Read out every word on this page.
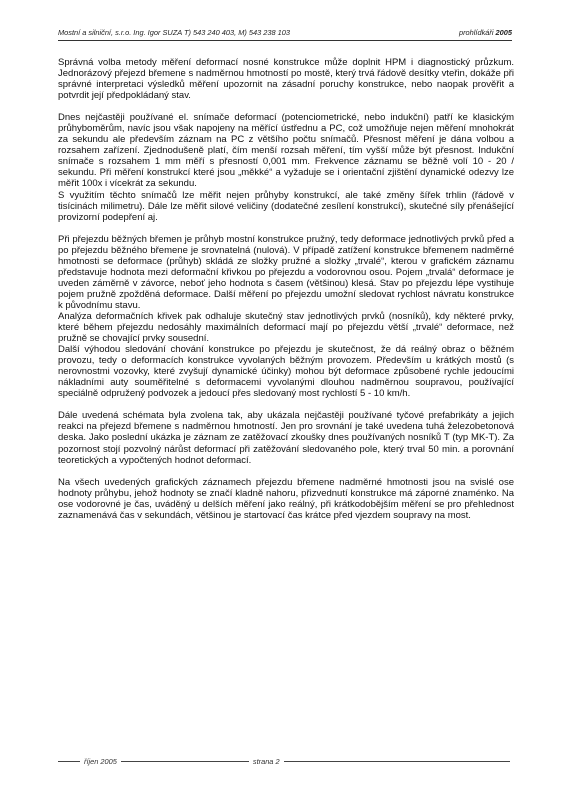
Mostní a silniční, s.r.o. Ing. Igor SUZA T) 543 240 403, M) 543 238 103	prohlídkáři 2005

Správná volba metody měření deformací nosné konstrukce může doplnit HPM i diagnostický průzkum. Jednorázový přejezd břemene s nadměrnou hmotností po mostě, který trvá řádově desítky vteřin, dokáže při správné interpretaci výsledků měření upozornit na zásadní poruchy konstrukce, nebo naopak prověřit a potvrdit její předpokládaný stav.

Dnes nejčastěji používané el. snímače deformací (potenciometrické, nebo indukční) patří ke klasickým průhyboměrům, navíc jsou však napojeny na měřící ústřednu a PC, což umožňuje nejen měření mnohokrát za sekundu ale především záznam na PC z většího počtu snímačů. Přesnost měření je dána volbou a rozsahem zařízení. Zjednodušeně platí, čím menší rozsah měření, tím vyšší může být přesnost. Indukční snímače s rozsahem 1 mm měří s přesností 0,001 mm. Frekvence záznamu se běžně volí 10 - 20 / sekundu. Při měření konstrukcí které jsou „měkké“ a vyžaduje se i orientační zjištění dynamické odezvy lze měřit 100x i vícekrát za sekundu.

S využitím těchto snímačů lze měřit nejen průhyby konstrukcí, ale také změny šířek trhlin (řádově v tisícinách milimetru). Dále lze měřit silové veličiny (dodatečné zesílení konstrukcí), skutečné síly přenášející provizorní podepření aj.

Při přejezdu běžných břemen je průhyb mostní konstrukce pružný, tedy deformace jednotlivých prvků před a po přejezdu běžného břemene je srovnatelná (nulová). V případě zatížení konstrukce břemenem nadměrné hmotnosti se deformace (průhyb) skládá ze složky pružné a složky „trvalé“, kterou v grafickém záznamu představuje hodnota mezi deformační křivkou po přejezdu a vodorovnou osou. Pojem „trvalá“ deformace je uveden záměrně v závorce, neboť jeho hodnota s časem (většinou) klesá. Stav po přejezdu lépe vystihuje pojem pružně zpožděná deformace. Další měření po přejezdu umožní sledovat rychlost návratu konstrukce k původnímu stavu.

Analýza deformačních křivek pak odhaluje skutečný stav jednotlivých prvků (nosníků), kdy některé prvky, které během přejezdu nedosáhly maximálních deformací mají po přejezdu větší „trvalé“ deformace, než pružně se chovající prvky sousední.

Další výhodou sledování chování konstrukce po přejezdu je skutečnost, že dá reálný obraz o běžném provozu, tedy o deformacích konstrukce vyvolaných běžným provozem. Především u krátkých mostů (s nerovnostmi vozovky, které zvyšují dynamické účinky) mohou být deformace způsobené rychle jedoucími nákladními auty souměřitelné s deformacemi vyvolanými dlouhou nadměrnou soupravou, používající speciálně odpružený podvozek a jedoucí přes sledovaný most rychlostí 5 - 10 km/h.

Dále uvedená schémata byla zvolena tak, aby ukázala nejčastěji používané tyčové prefabrikáty a jejich reakci na přejezd břemene s nadměrnou hmotností. Jen pro srovnání je také uvedena tuhá železobetonová deska. Jako poslední ukázka je záznam ze zatěžovací zkoušky dnes používaných nosníků T (typ MK-T). Za pozornost stojí pozvolný nárůst deformací při zatěžování sledovaného pole, který trval 50 min. a porovnání teoretických a vypočtených hodnot deformací.

Na všech uvedených grafických záznamech přejezdu břemene nadměrné hmotnosti jsou na svislé ose hodnoty průhybu, jehož hodnoty se značí kladně nahoru, přizvednutí konstrukce má záporné znaménko. Na ose vodorovné je čas, uváděný u delších měření jako reálný, při krátkodobějším měření se pro přehlednost zaznamenává čas v sekundách, většinou je startovací čas krátce před vjezdem soupravy na most.

říjen 2005	strana 2
